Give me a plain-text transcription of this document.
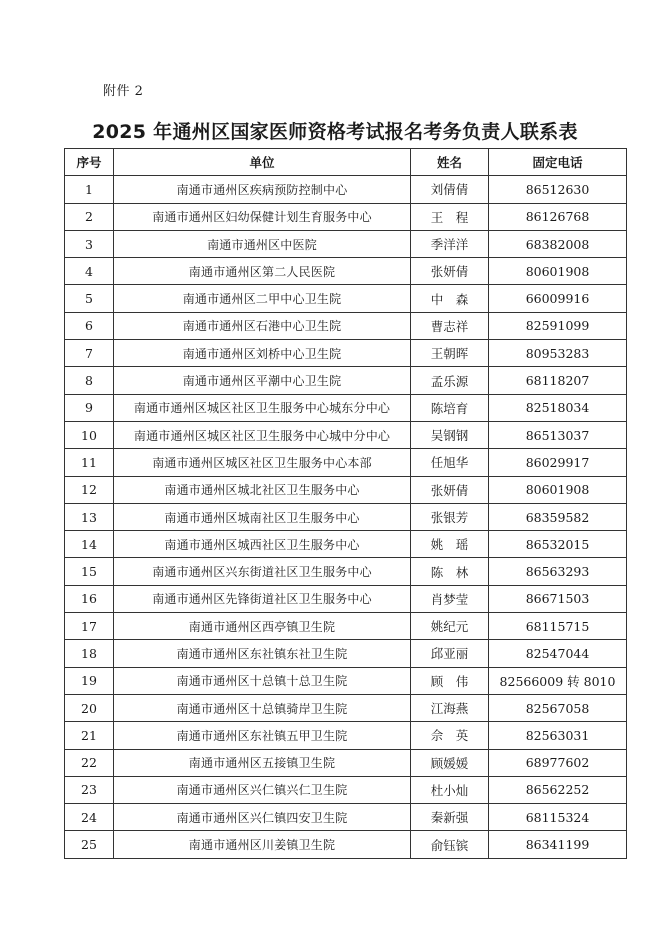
附件 2
2025 年通州区国家医师资格考试报名考务负责人联系表
序号	单位	姓名	固定电话
1	南通市通州区疾病预防控制中心	刘倩倩	86512630
2	南通市通州区妇幼保健计划生育服务中心	王　程	86126768
3	南通市通州区中医院	季洋洋	68382008
4	南通市通州区第二人民医院	张妍倩	80601908
5	南通市通州区二甲中心卫生院	中　森	66009916
6	南通市通州区石港中心卫生院	曹志祥	82591099
7	南通市通州区刘桥中心卫生院	王朝晖	80953283
8	南通市通州区平潮中心卫生院	孟乐源	68118207
9	南通市通州区城区社区卫生服务中心城东分中心	陈培育	82518034
10	南通市通州区城区社区卫生服务中心城中分中心	吴钢钢	86513037
11	南通市通州区城区社区卫生服务中心本部	任旭华	86029917
12	南通市通州区城北社区卫生服务中心	张妍倩	80601908
13	南通市通州区城南社区卫生服务中心	张银芳	68359582
14	南通市通州区城西社区卫生服务中心	姚　瑶	86532015
15	南通市通州区兴东街道社区卫生服务中心	陈　林	86563293
16	南通市通州区先锋街道社区卫生服务中心	肖梦莹	86671503
17	南通市通州区西亭镇卫生院	姚纪元	68115715
18	南通市通州区东社镇东社卫生院	邱亚丽	82547044
19	南通市通州区十总镇十总卫生院	顾　伟	82566009 转 8010
20	南通市通州区十总镇骑岸卫生院	江海燕	82567058
21	南通市通州区东社镇五甲卫生院	佘　英	82563031
22	南通市通州区五接镇卫生院	顾媛媛	68977602
23	南通市通州区兴仁镇兴仁卫生院	杜小灿	86562252
24	南通市通州区兴仁镇四安卫生院	秦新强	68115324
25	南通市通州区川姜镇卫生院	俞钰镔	86341199
